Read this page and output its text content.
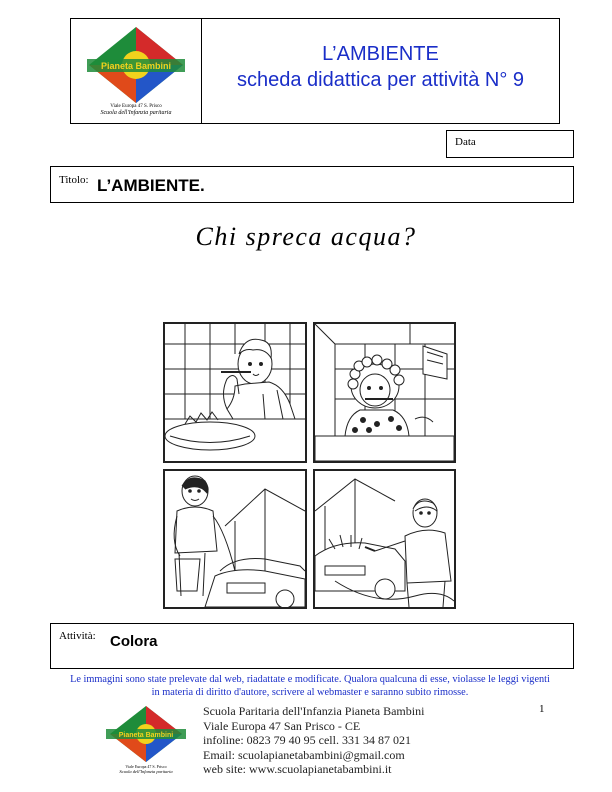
Pianeta Bambini
Viale Europa 47 S. Prisco
Scuola dell'Infanzia paritaria
L’AMBIENTE
scheda didattica per attività N° 9
Data
Titolo: L’AMBIENTE.
Chi spreca acqua?
Attività: Colora
Le immagini sono state prelevate dal web, riadattate e modificate. Qualora qualcuna di esse, violasse le leggi vigenti
in materia di diritto d'autore, scrivere al webmaster e saranno subito rimosse.
1
Pianeta Bambini
Viale Europa 47 S. Prisco
Scuola dell'Infanzia paritaria
Scuola Paritaria dell'Infanzia Pianeta Bambini
Viale Europa 47 San Prisco - CE
infoline: 0823 79 40 95 cell. 331 34 87 021
Email: scuolapianetabambini@gmail.com
web site: www.scuolapianetabambini.it
